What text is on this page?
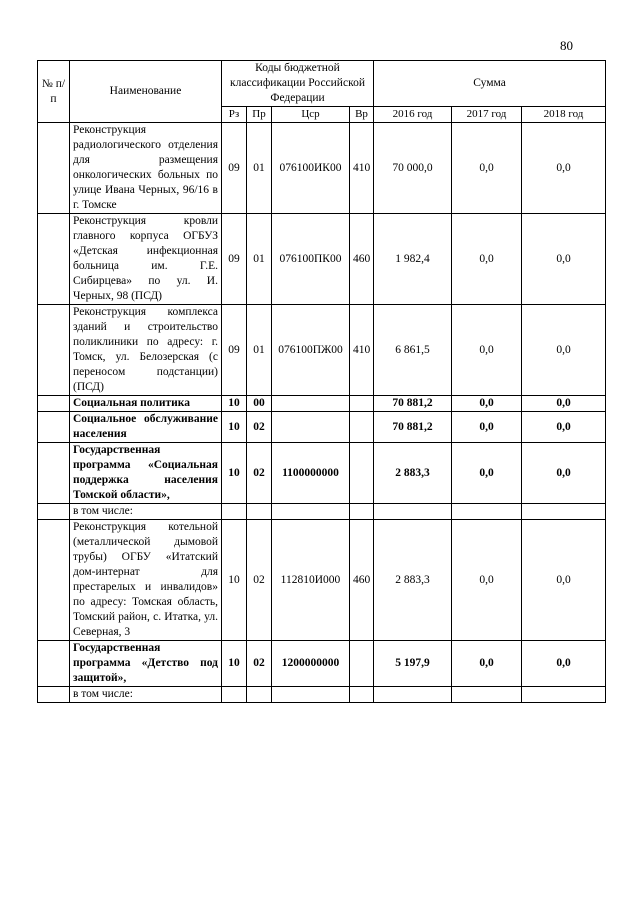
80
№ п/п	Наименование	Коды бюджетной классификации Российской Федерации				Сумма		
		Рз	Пр	Цср	Вр	2016 год	2017 год	2018 год
	Реконструкция радиологического отделения для размещения онкологических больных по улице Ивана Черных, 96/16 в г. Томске	09	01	076100ИК00	410	70 000,0	0,0	0,0
	Реконструкция кровли главного корпуса ОГБУЗ «Детская инфекционная больница им. Г.Е. Сибирцева» по ул. И. Черных, 98 (ПСД)	09	01	076100ПК00	460	1 982,4	0,0	0,0
	Реконструкция комплекса зданий и строительство поликлиники по адресу: г. Томск, ул. Белозерская (с переносом подстанции) (ПСД)	09	01	076100ПЖ00	410	6 861,5	0,0	0,0
	Социальная политика	10	00			70 881,2	0,0	0,0
	Социальное обслуживание населения	10	02			70 881,2	0,0	0,0
	Государственная программа «Социальная поддержка населения Томской области»,	10	02	1100000000		2 883,3	0,0	0,0
	в том числе:							
	Реконструкция котельной (металлической дымовой трубы) ОГБУ «Итатский дом-интернат для престарелых и инвалидов» по адресу: Томская область, Томский район, с. Итатка, ул. Северная, 3	10	02	112810И000	460	2 883,3	0,0	0,0
	Государственная программа «Детство под защитой»,	10	02	1200000000		5 197,9	0,0	0,0
	в том числе:							
